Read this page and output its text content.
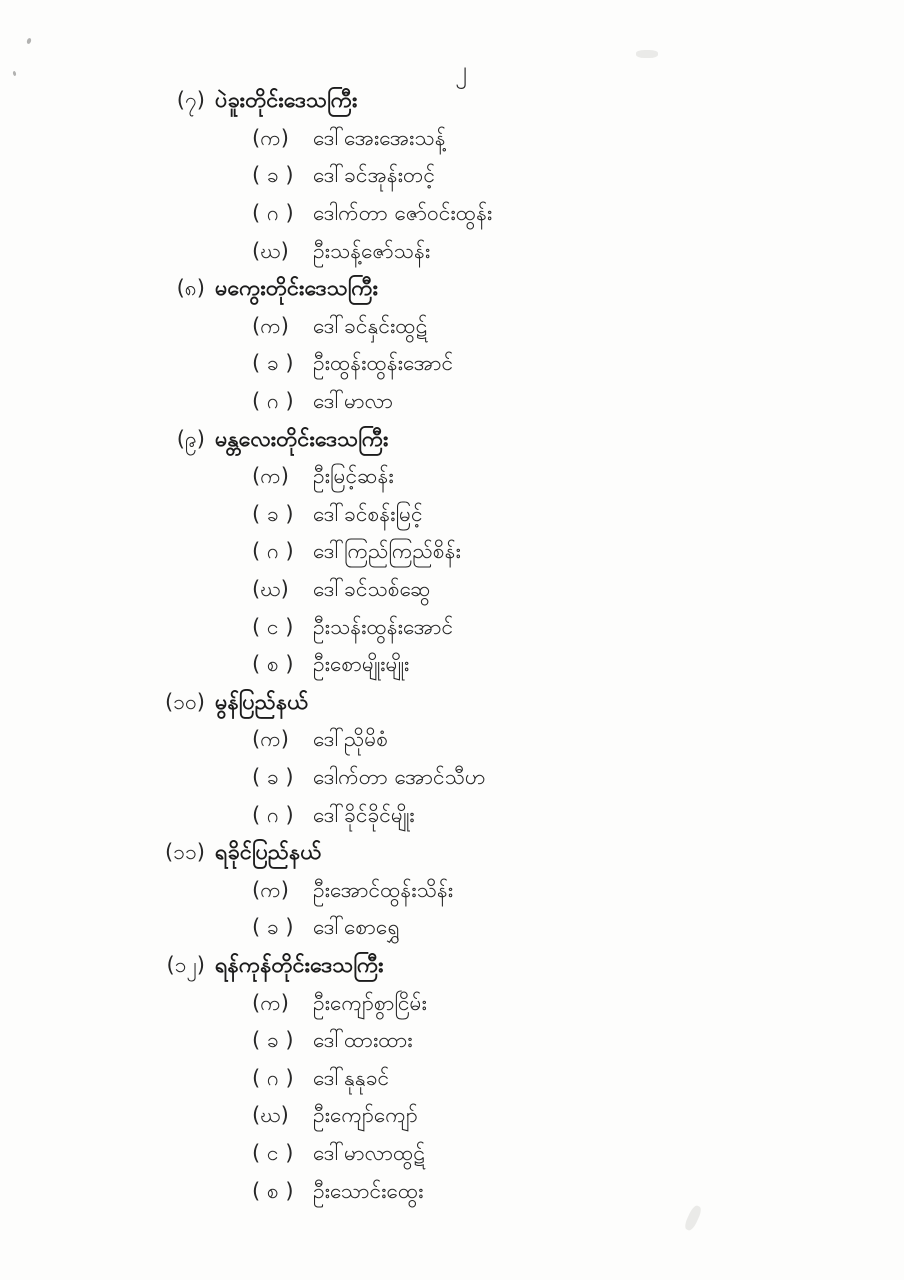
၂
(၇) ပဲခူးတိုင်းဒေသကြီး
(က)	ဒေါ်အေးအေးသန့်
( ခ ) ဒေါ်ခင်အုန်းတင့်
( ဂ ) ဒေါက်တာ ဇော်ဝင်းထွန်း
(ဃ)	ဦးသန့်ဇော်သန်း
(၈) မကွေးတိုင်းဒေသကြီး
(က)	ဒေါ်ခင်နှင်းထွဋ်
( ခ ) ဦးထွန်းထွန်းအောင်
( ဂ ) ဒေါ်မာလာ
(၉) မန္တလေးတိုင်းဒေသကြီး
(က)	ဦးမြင့်ဆန်း
( ခ ) ဒေါ်ခင်စန်းမြင့်
( ဂ ) ဒေါ်ကြည်ကြည်စိန်း
(ဃ)	ဒေါ်ခင်သစ်ဆွေ
( င ) ဦးသန်းထွန်းအောင်
( စ ) ဦးစောမျိုးမျိုး
(၁၀) မွန်ပြည်နယ်
(က)	ဒေါ်ညိုမိစံ
( ခ ) ဒေါက်တာ အောင်သီဟ
( ဂ ) ဒေါ်ခိုင်ခိုင်မျိုး
(၁၁) ရခိုင်ပြည်နယ်
(က)	ဦးအောင်ထွန်းသိန်း
( ခ ) ဒေါ်စောရွှေ
(၁၂) ရန်ကုန်တိုင်းဒေသကြီး
(က)	ဦးကျော်စွာငြိမ်း
( ခ ) ဒေါ်ထားထား
( ဂ ) ဒေါ်နုနုခင်
(ဃ)	ဦးကျော်ကျော်
( င ) ဒေါ်မာလာထွဋ်
( စ ) ဦးသောင်းထွေး
